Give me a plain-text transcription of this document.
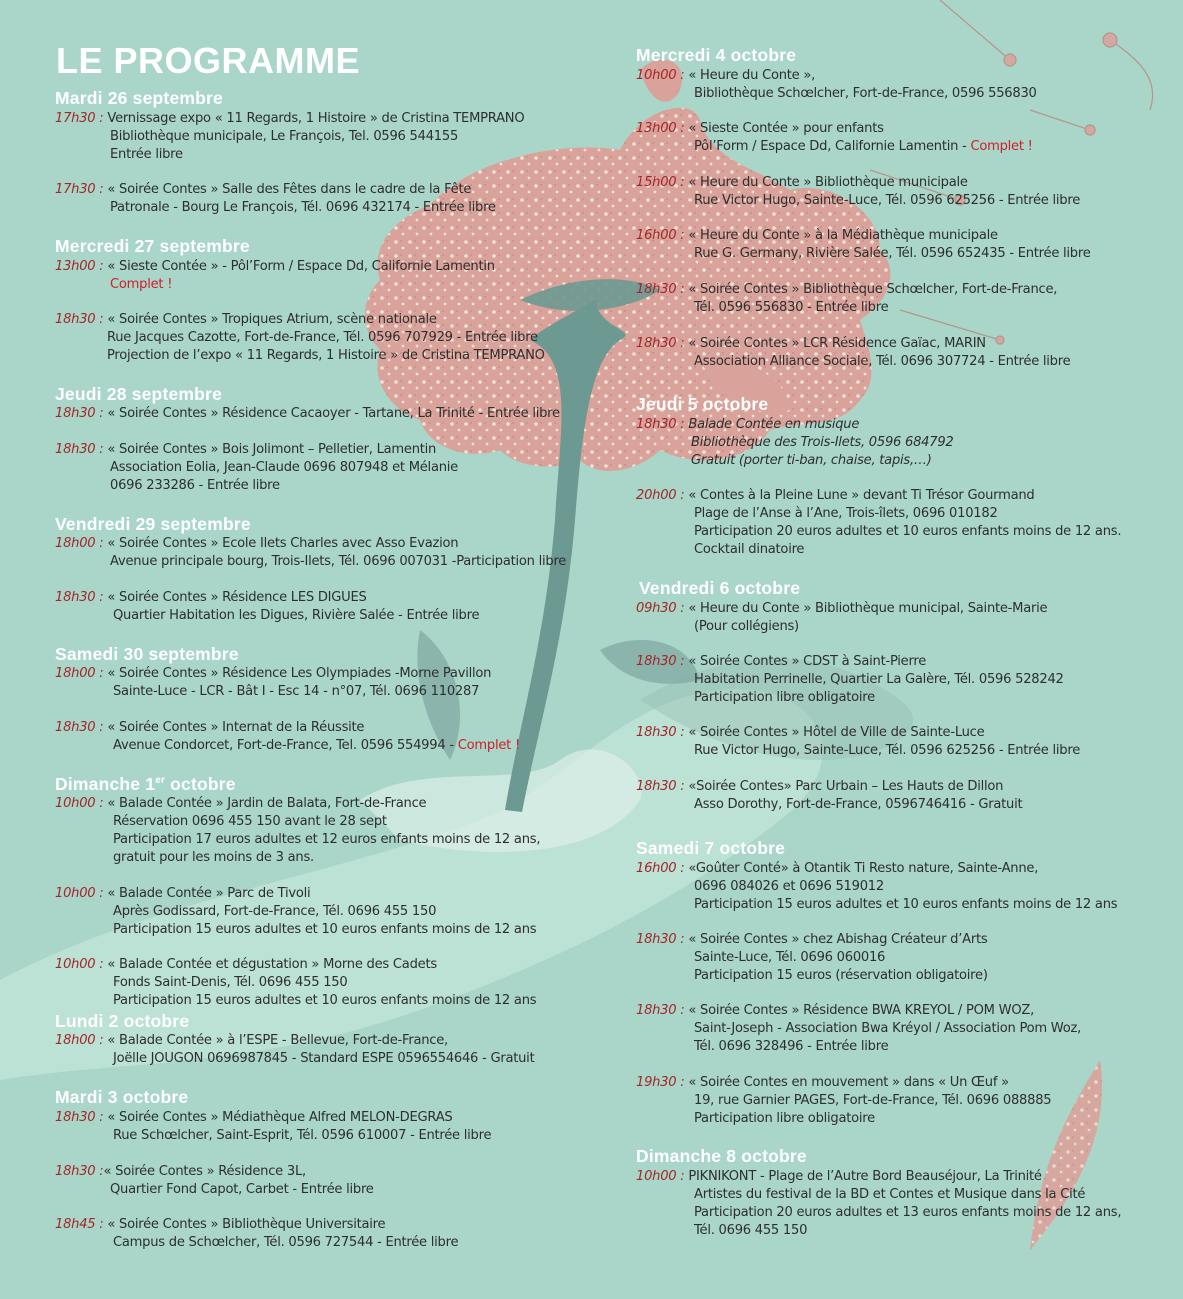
LE PROGRAMME
Mardi 26 septembre

17h30 : Vernissage expo « 11 Regards, 1 Histoire » de Cristina TEMPRANO
Bibliothèque municipale, Le François, Tel. 0596 544155
Entrée libre

17h30 : « Soirée Contes » Salle des Fêtes dans le cadre de la Fête
Patronale - Bourg Le François, Tél. 0696 432174 - Entrée libre

Mercredi 27 septembre

13h00 : « Sieste Contée » - Pôl’Form / Espace Dd, Californie Lamentin
Complet !

18h30 : « Soirée Contes » Tropiques Atrium, scène nationale
Rue Jacques Cazotte, Fort-de-France, Tél. 0596 707929 - Entrée libre
Projection de l’expo « 11 Regards, 1 Histoire » de Cristina TEMPRANO

Jeudi 28 septembre

18h30 : « Soirée Contes » Résidence Cacaoyer - Tartane, La Trinité - Entrée libre

18h30 : « Soirée Contes » Bois Jolimont – Pelletier, Lamentin
Association Eolia, Jean-Claude 0696 807948 et Mélanie
0696 233286 - Entrée libre

Vendredi 29 septembre

18h00 : « Soirée Contes » Ecole Ilets Charles avec Asso Evazion
Avenue principale bourg, Trois-Ilets, Tél. 0696 007031 -Participation libre

18h30 : « Soirée Contes » Résidence LES DIGUES
Quartier Habitation les Digues, Rivière Salée - Entrée libre

Samedi 30 septembre

18h00 : « Soirée Contes » Résidence Les Olympiades -Morne Pavillon
Sainte-Luce - LCR - Bât I - Esc 14 - n°07, Tél. 0696 110287

18h30 : « Soirée Contes » Internat de la Réussite
Avenue Condorcet, Fort-de-France, Tel. 0596 554994 - Complet !

Dimanche 1er octobre

10h00 : « Balade Contée » Jardin de Balata, Fort-de-France
Réservation 0696 455 150 avant le 28 sept
Participation 17 euros adultes et 12 euros enfants moins de 12 ans,
gratuit pour les moins de 3 ans.

10h00 : « Balade Contée » Parc de Tivoli
Après Godissard, Fort-de-France, Tél. 0696 455 150
Participation 15 euros adultes et 10 euros enfants moins de 12 ans

10h00 : « Balade Contée et dégustation » Morne des Cadets
Fonds Saint-Denis, Tél. 0696 455 150
Participation 15 euros adultes et 10 euros enfants moins de 12 ans

Lundi 2 octobre

18h00 : « Balade Contée » à l’ESPE - Bellevue, Fort-de-France,
Joëlle JOUGON 0696987845 - Standard ESPE 0596554646 - Gratuit

Mardi 3 octobre

18h30 : « Soirée Contes » Médiathèque Alfred MELON-DEGRAS
Rue Schœlcher, Saint-Esprit, Tél. 0596 610007 - Entrée libre

18h30 :« Soirée Contes » Résidence 3L,
Quartier Fond Capot, Carbet - Entrée libre

18h45 : « Soirée Contes » Bibliothèque Universitaire
Campus de Schœlcher, Tél. 0596 727544 - Entrée libre

Mercredi 4 octobre

10h00 : « Heure du Conte »,
Bibliothèque Schœlcher, Fort-de-France, 0596 556830

13h00 : « Sieste Contée » pour enfants
Pôl’Form / Espace Dd, Californie Lamentin - Complet !

15h00 : « Heure du Conte » Bibliothèque municipale
Rue Victor Hugo, Sainte-Luce, Tél. 0596 625256 - Entrée libre

16h00 : « Heure du Conte » à la Médiathèque municipale
Rue G. Germany, Rivière Salée, Tél. 0596 652435 - Entrée libre

18h30 : « Soirée Contes » Bibliothèque Schœlcher, Fort-de-France,
Tél. 0596 556830 - Entrée libre

18h30 : « Soirée Contes » LCR Résidence Gaïac, MARIN
Association Alliance Sociale, Tél. 0696 307724 - Entrée libre

Jeudi 5 octobre

18h30 : Balade Contée en musique
Bibliothèque des Trois-Ilets, 0596 684792
Gratuit (porter ti-ban, chaise, tapis,…)

20h00 : « Contes à la Pleine Lune » devant Ti Trésor Gourmand
Plage de l’Anse à l’Ane, Trois-îlets, 0696 010182
Participation 20 euros adultes et 10 euros enfants moins de 12 ans.
Cocktail dinatoire

Vendredi 6 octobre

09h30 : « Heure du Conte » Bibliothèque municipal, Sainte-Marie
(Pour collégiens)

18h30 : « Soirée Contes » CDST à Saint-Pierre
Habitation Perrinelle, Quartier La Galère, Tél. 0596 528242
Participation libre obligatoire

18h30 : « Soirée Contes » Hôtel de Ville de Sainte-Luce
Rue Victor Hugo, Sainte-Luce, Tél. 0596 625256 - Entrée libre

18h30 : «Soirée Contes» Parc Urbain – Les Hauts de Dillon
Asso Dorothy, Fort-de-France, 0596746416 - Gratuit

Samedi 7 octobre

16h00 : «Goûter Conté» à Otantik Ti Resto nature, Sainte-Anne,
0696 084026 et 0696 519012
Participation 15 euros adultes et 10 euros enfants moins de 12 ans

18h30 : « Soirée Contes » chez Abishag Créateur d’Arts
Sainte-Luce, Tél. 0696 060016
Participation 15 euros (réservation obligatoire)

18h30 : « Soirée Contes » Résidence BWA KREYOL / POM WOZ,
Saint-Joseph - Association Bwa Kréyol / Association Pom Woz,
Tél. 0696 328496 - Entrée libre

19h30 : « Soirée Contes en mouvement » dans « Un Œuf »
19, rue Garnier PAGES, Fort-de-France, Tél. 0696 088885
Participation libre obligatoire

Dimanche 8 octobre

10h00 : PIKNIKONT - Plage de l’Autre Bord Beauséjour, La Trinité
Artistes du festival de la BD et Contes et Musique dans la Cité
Participation 20 euros adultes et 13 euros enfants moins de 12 ans,
Tél. 0696 455 150
